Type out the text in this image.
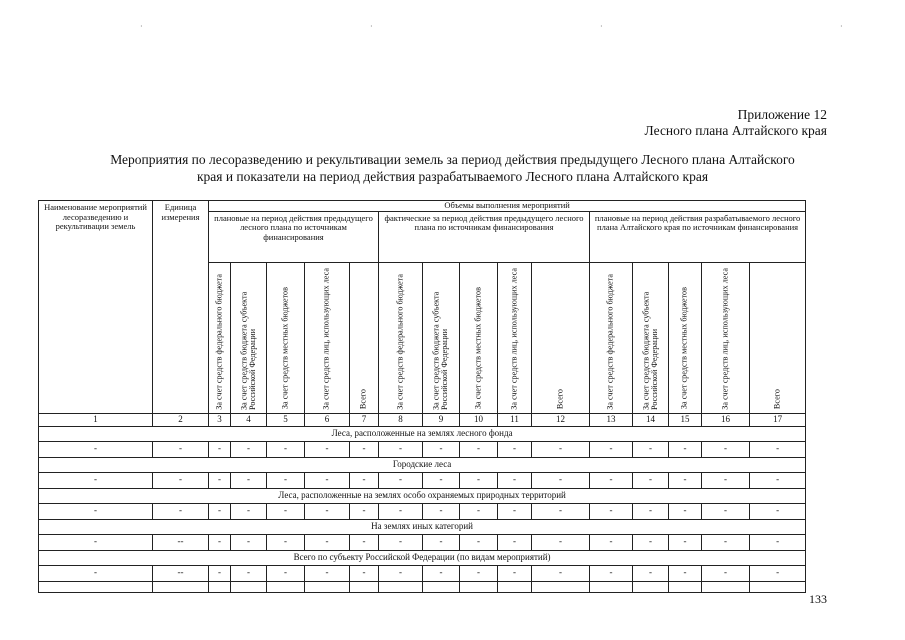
Приложение 12
Лесного плана Алтайского края
Мероприятия по лесоразведению и рекультивации земель за период действия предыдущего Лесного плана Алтайского
края и показатели на период действия разрабатываемого Лесного плана Алтайского края
Наименование мероприятий лесоразведению и рекультивации земель	Единица измерения	Объемы выполнения мероприятий														
		плановые на период действия предыдущего лесного плана по источникам финансирования					фактические за период действия предыдущего лесного плана по источникам финансирования					плановые на период действия разрабатываемого лесного плана Алтайского края по источникам финансирования				

		За счет средств федерального бюджета	За счет средств бюджета субъекта Российской Федерации	За счет средств местных бюджетов	За счет средств лиц, использующих леса	Всего	За счет средств федерального бюджета	За счет средств бюджета субъекта Российской Федерации	За счет средств местных бюджетов	За счет средств лиц, использующих леса	Всего	За счет средств федерального бюджета	За счет средств бюджета субъекта Российской Федерации	За счет средств местных бюджетов	За счет средств лиц, использующих леса	Всего

1	2	3	4	5	6	7	8	9	10	11	12	13	14	15	16	17
Леса, расположенные на землях лесного фонда																
-	-	-	-	-	-	-	-	-	-	-	-	-	-	-	-	-
Городские леса																
-	-	-	-	-	-	-	-	-	-	-	-	-	-	-	-	-
Леса, расположенные на землях особо охраняемых природных территорий																
-	-	-	-	-	-	-	-	-	-	-	-	-	-	-	-	-
На землях иных категорий																
-	--	-	-	-	-	-	-	-	-	-	-	-	-	-	-	-
Всего по субъекту Российской Федерации (по видам мероприятий)																
-	--	-	-	-	-	-	-	-	-	-	-	-	-	-	-	-

133
·	·	·	·
